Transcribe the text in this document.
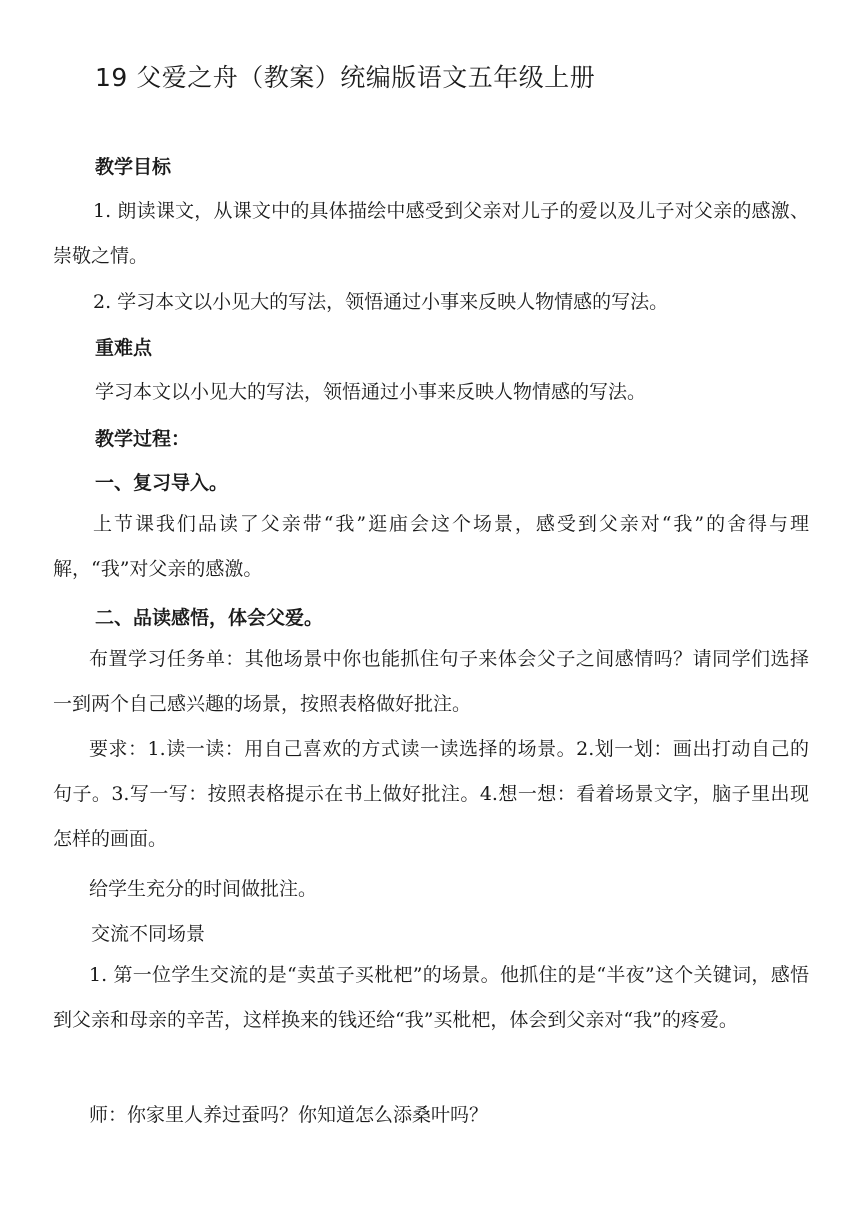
19 父爱之舟（教案）统编版语文五年级上册
教学目标
1. 朗读课文，从课文中的具体描绘中感受到父亲对儿子的爱以及儿子对父亲的感激、崇敬之情。
2. 学习本文以小见大的写法，领悟通过小事来反映人物情感的写法。
重难点
学习本文以小见大的写法，领悟通过小事来反映人物情感的写法。
教学过程：
一、复习导入。
上节课我们品读了父亲带“我”逛庙会这个场景，感受到父亲对“我”的舍得与理解，“我”对父亲的感激。
二、品读感悟，体会父爱。
布置学习任务单：其他场景中你也能抓住句子来体会父子之间感情吗？请同学们选择一到两个自己感兴趣的场景，按照表格做好批注。
要求：1.读一读：用自己喜欢的方式读一读选择的场景。2.划一划：画出打动自己的句子。3.写一写：按照表格提示在书上做好批注。4.想一想：看着场景文字，脑子里出现怎样的画面。
给学生充分的时间做批注。
交流不同场景
1. 第一位学生交流的是“卖茧子买枇杷”的场景。他抓住的是“半夜”这个关键词，感悟到父亲和母亲的辛苦，这样换来的钱还给“我”买枇杷，体会到父亲对“我”的疼爱。
师：你家里人养过蚕吗？你知道怎么添桑叶吗？
